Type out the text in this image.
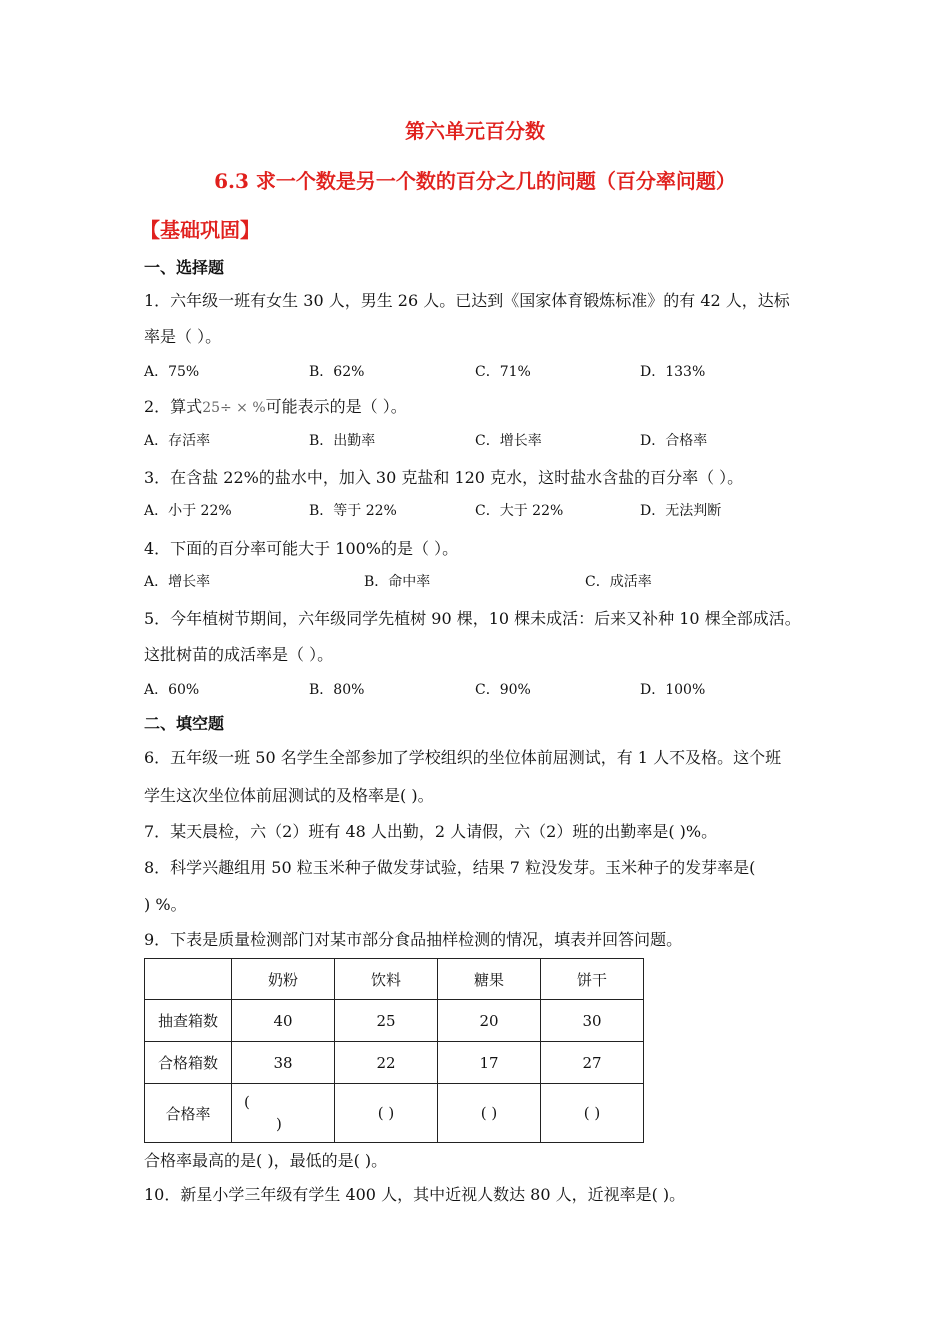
第六单元百分数
6.3 求一个数是另一个数的百分之几的问题（百分率问题）
【基础巩固】
一、选择题
1．六年级一班有女生 30 人，男生 26 人。已达到《国家体育锻炼标准》的有 42 人，达标
率是（ ）。
A．75%	B．62%	C．71%	D．133%
2．算式25÷ × %可能表示的是（ ）。
A．存活率	B．出勤率	C．增长率	D．合格率
3．在含盐 22%的盐水中，加入 30 克盐和 120 克水，这时盐水含盐的百分率（ ）。
A．小于 22%	B．等于 22%	C．大于 22%	D．无法判断
4．下面的百分率可能大于 100%的是（ ）。
A．增长率	B．命中率	C．成活率
5．今年植树节期间，六年级同学先植树 90 棵，10 棵未成活：后来又补种 10 棵全部成活。
这批树苗的成活率是（ ）。
A．60%	B．80%	C．90%	D．100%
二、填空题
6．五年级一班 50 名学生全部参加了学校组织的坐位体前屈测试，有 1 人不及格。这个班
学生这次坐位体前屈测试的及格率是( )。
7．某天晨检，六（2）班有 48 人出勤，2 人请假，六（2）班的出勤率是( )%。
8．科学兴趣组用 50 粒玉米种子做发芽试验，结果 7 粒没发芽。玉米种子的发芽率是(
) %。
9．下表是质量检测部门对某市部分食品抽样检测的情况，填表并回答问题。
	奶粉	饮料	糖果	饼干
抽查箱数	40	25	20	30
合格箱数	38	22	17	27
合格率	(
)	( )	( )	( )
合格率最高的是( )，最低的是( )。
10．新星小学三年级有学生 400 人，其中近视人数达 80 人，近视率是( )。
